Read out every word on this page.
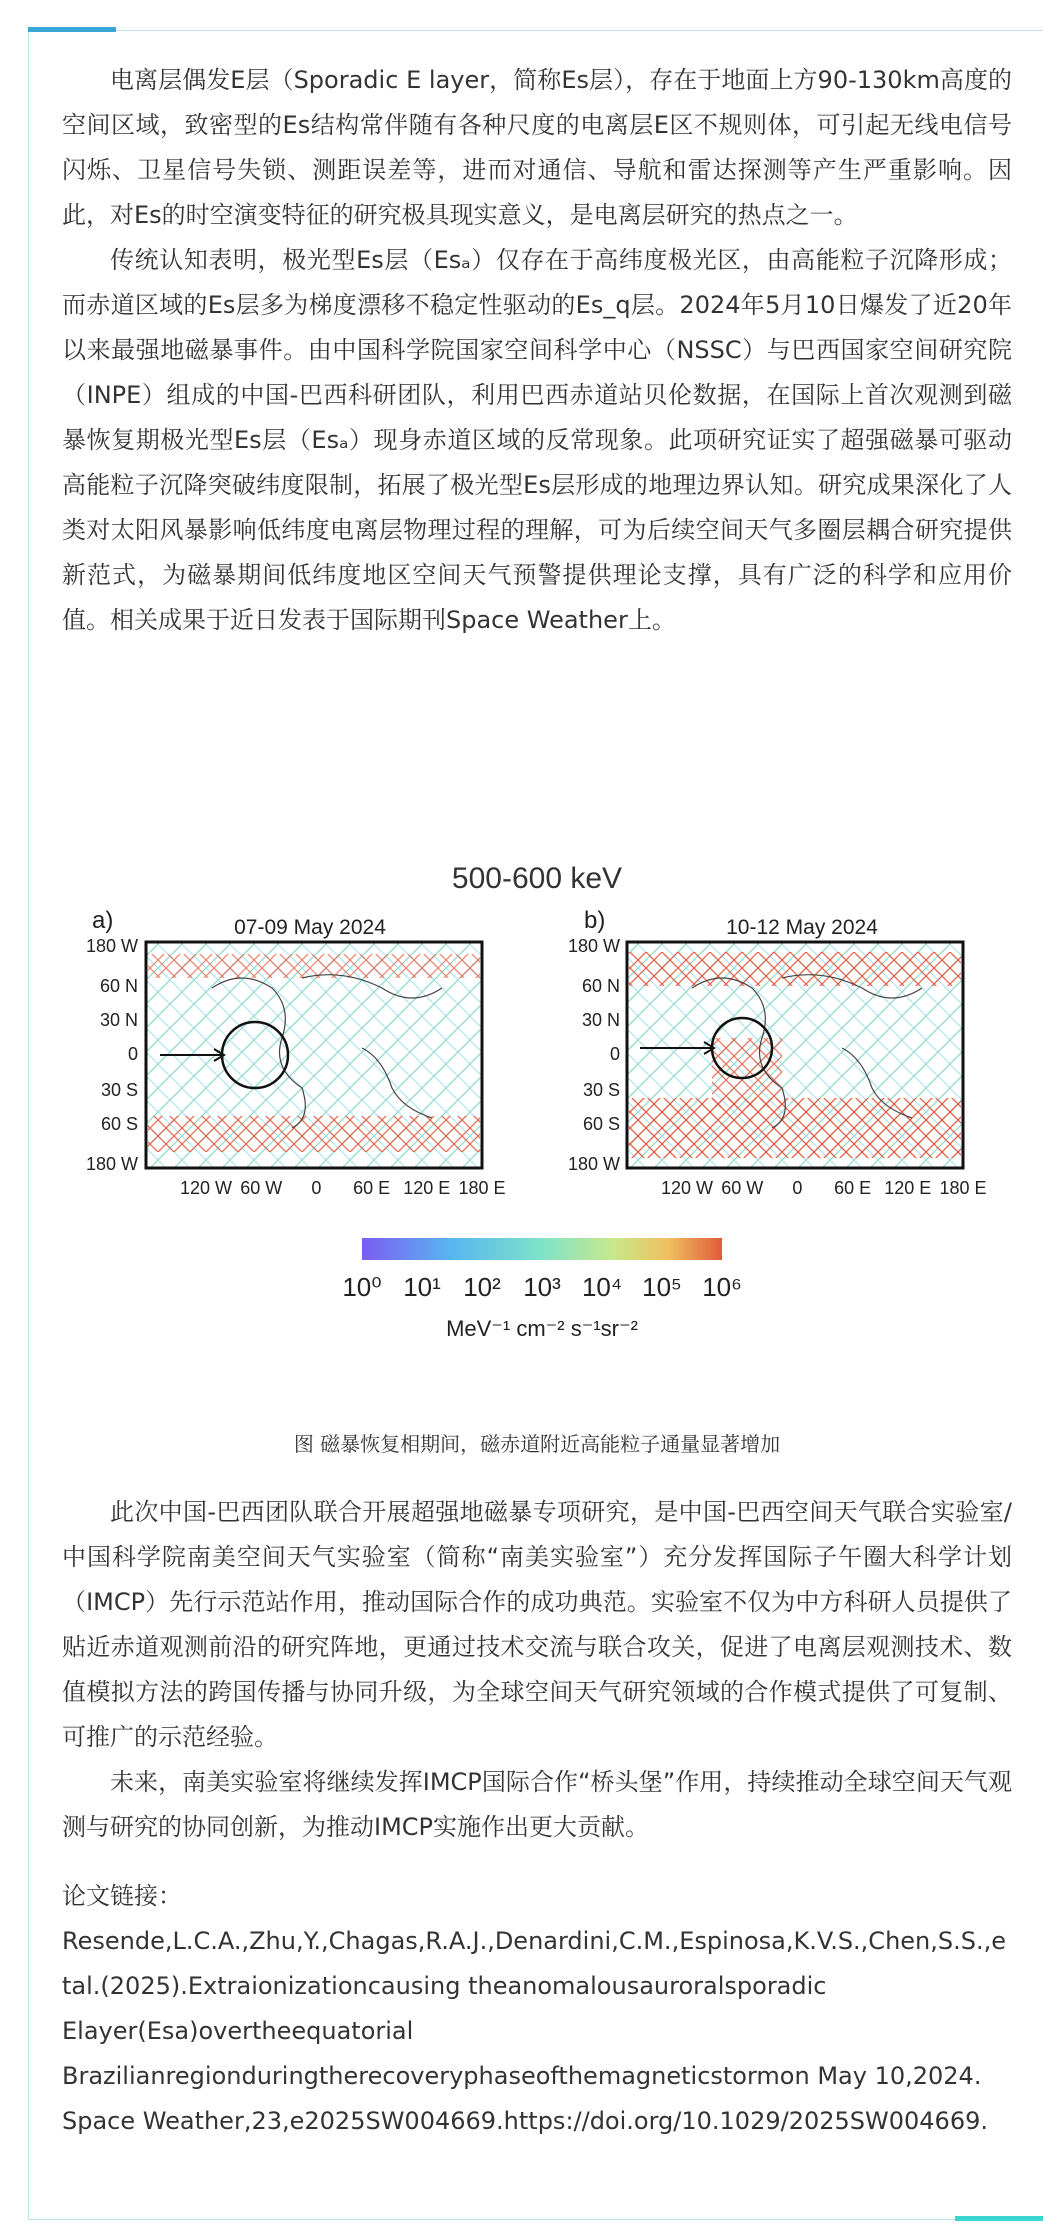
电离层偶发E层（Sporadic E layer，简称Es层），存在于地面上方90-130km高度的空间区域，致密型的Es结构常伴随有各种尺度的电离层E区不规则体，可引起无线电信号闪烁、卫星信号失锁、测距误差等，进而对通信、导航和雷达探测等产生严重影响。因此，对Es的时空演变特征的研究极具现实意义，是电离层研究的热点之一。

传统认知表明，极光型Es层（Esₐ）仅存在于高纬度极光区，由高能粒子沉降形成；而赤道区域的Es层多为梯度漂移不稳定性驱动的Es_q层。2024年5月10日爆发了近20年以来最强地磁暴事件。由中国科学院国家空间科学中心（NSSC）与巴西国家空间研究院（INPE）组成的中国-巴西科研团队，利用巴西赤道站贝伦数据，在国际上首次观测到磁暴恢复期极光型Es层（Esₐ）现身赤道区域的反常现象。此项研究证实了超强磁暴可驱动高能粒子沉降突破纬度限制，拓展了极光型Es层形成的地理边界认知。研究成果深化了人类对太阳风暴影响低纬度电离层物理过程的理解，可为后续空间天气多圈层耦合研究提供新范式，为磁暴期间低纬度地区空间天气预警提供理论支撑，具有广泛的科学和应用价值。相关成果于近日发表于国际期刊Space Weather上。

500-600 keV
a)	07-09 May 2024	b)	10-12 May 2024
180 W
60 N
30 N
0
30 S
60 S
180 W
180 W
60 N
30 N
0
30 S
60 S
180 W
120 W 60 W 0 60 E 120 E 180 E	120 W 60 W 0 60 E 120 E 180 E
10⁰ 10¹ 10² 10³ 10⁴ 10⁵ 10⁶
MeV⁻¹ cm⁻² s⁻¹sr⁻²
图 磁暴恢复相期间，磁赤道附近高能粒子通量显著增加

此次中国-巴西团队联合开展超强地磁暴专项研究，是中国-巴西空间天气联合实验室/中国科学院南美空间天气实验室（简称“南美实验室”）充分发挥国际子午圈大科学计划（IMCP）先行示范站作用，推动国际合作的成功典范。实验室不仅为中方科研人员提供了贴近赤道观测前沿的研究阵地，更通过技术交流与联合攻关，促进了电离层观测技术、数值模拟方法的跨国传播与协同升级，为全球空间天气研究领域的合作模式提供了可复制、可推广的示范经验。

未来，南美实验室将继续发挥IMCP国际合作“桥头堡”作用，持续推动全球空间天气观测与研究的协同创新，为推动IMCP实施作出更大贡献。

论文链接：
Resende,L.C.A.,Zhu,Y.,Chagas,R.A.J.,Denardini,C.M.,Espinosa,K.V.S.,Chen,S.S.,etal.(2025).Extraionizationcausing theanomalousauroralsporadic
Elayer(Esa)overtheequatorial
Brazilianregionduringtherecoveryphaseofthemagneticstormon May 10,2024.
Space Weather,23,e2025SW004669.https://doi.org/10.1029/2025SW004669.
